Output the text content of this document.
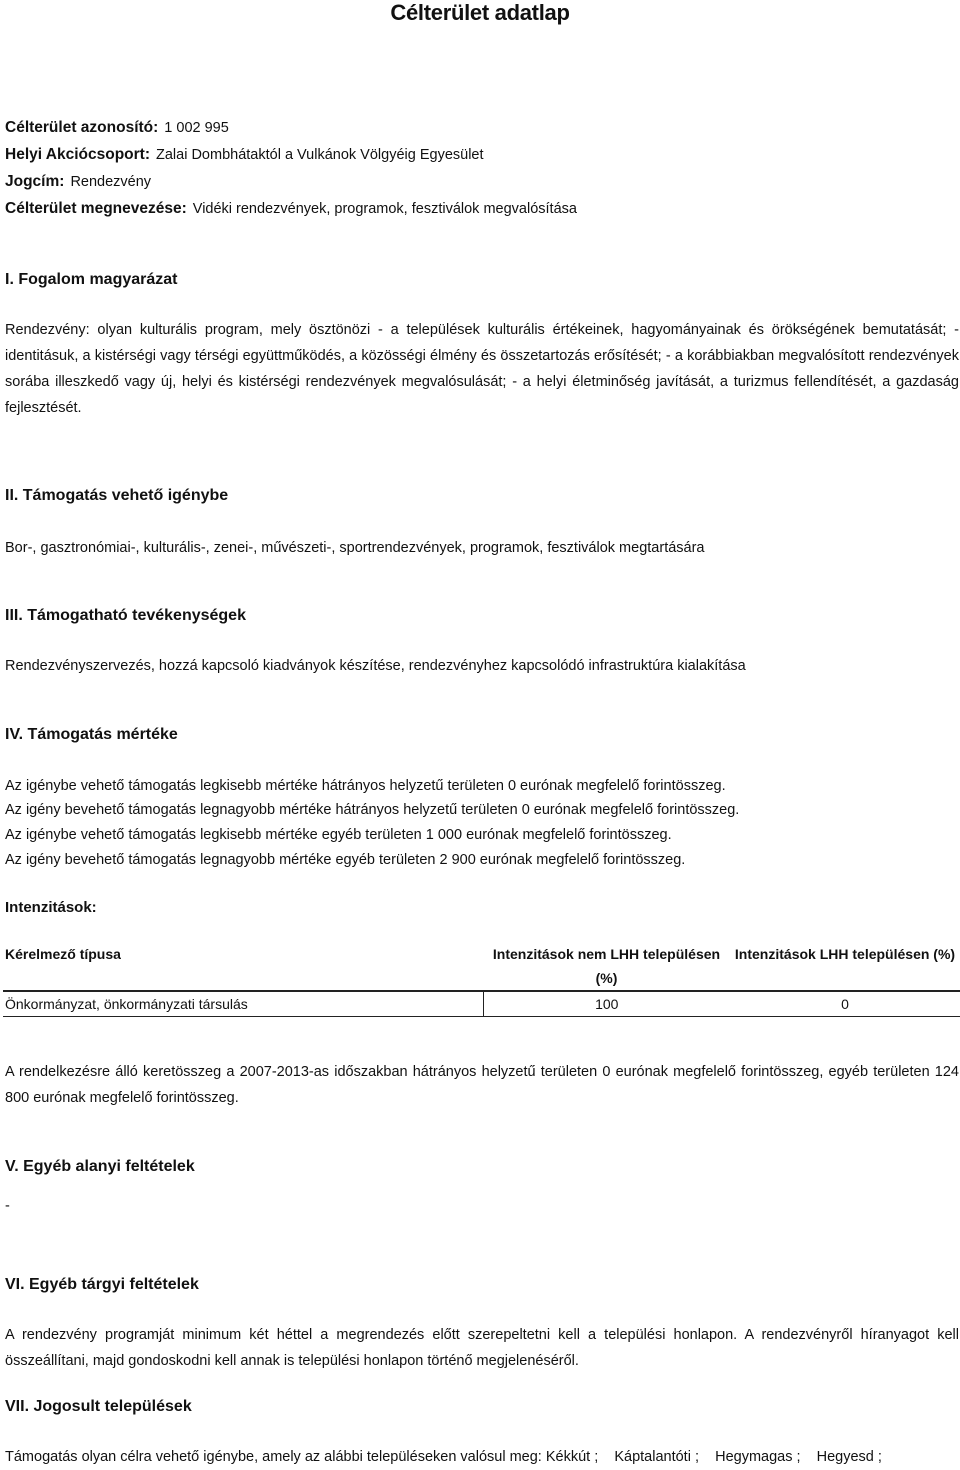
Célterület adatlap
Célterület azonosító: 1 002 995
Helyi Akciócsoport: Zalai Dombhátaktól a Vulkánok Völgyéig Egyesület
Jogcím: Rendezvény
Célterület megnevezése: Vidéki rendezvények, programok, fesztiválok megvalósítása
I. Fogalom magyarázat
Rendezvény: olyan kulturális program, mely ösztönözi - a települések kulturális értékeinek, hagyományainak és örökségének bemutatását; - identitásuk, a kistérségi vagy térségi együttműködés, a közösségi élmény és összetartozás erősítését; - a korábbiakban megvalósított rendezvények sorába illeszkedő vagy új, helyi és kistérségi rendezvények megvalósulását; - a helyi életminőség javítását, a turizmus fellendítését, a gazdaság fejlesztését.
II. Támogatás vehető igénybe
Bor-, gasztronómiai-, kulturális-, zenei-, művészeti-, sportrendezvények, programok, fesztiválok megtartására
III. Támogatható tevékenységek
Rendezvényszervezés, hozzá kapcsoló kiadványok készítése, rendezvényhez kapcsolódó infrastruktúra kialakítása
IV. Támogatás mértéke
Az igénybe vehető támogatás legkisebb mértéke hátrányos helyzetű területen 0 eurónak megfelelő forintösszeg.
Az igény bevehető támogatás legnagyobb mértéke hátrányos helyzetű területen 0 eurónak megfelelő forintösszeg.
Az igénybe vehető támogatás legkisebb mértéke egyéb területen 1 000 eurónak megfelelő forintösszeg.
Az igény bevehető támogatás legnagyobb mértéke egyéb területen 2 900 eurónak megfelelő forintösszeg.
Intenzitások:
Kérelmező típusa	Intenzitások nem LHH településen (%)	Intenzitások LHH településen (%)
Önkormányzat, önkormányzati társulás	100	0
A rendelkezésre álló keretösszeg a 2007-2013-as időszakban hátrányos helyzetű területen 0 eurónak megfelelő forintösszeg, egyéb területen 124 800 eurónak megfelelő forintösszeg.
V. Egyéb alanyi feltételek
-
VI. Egyéb tárgyi feltételek
A rendezvény programját minimum két héttel a megrendezés előtt szerepeltetni kell a települési honlapon. A rendezvényről híranyagot kell összeállítani, majd gondoskodni kell annak is települési honlapon történő megjelenéséről.
VII. Jogosult települések
Támogatás olyan célra vehető igénybe, amely az alábbi településeken valósul meg: Kékkút ;    Káptalantóti ;    Hegymagas ;    Hegyesd ;
